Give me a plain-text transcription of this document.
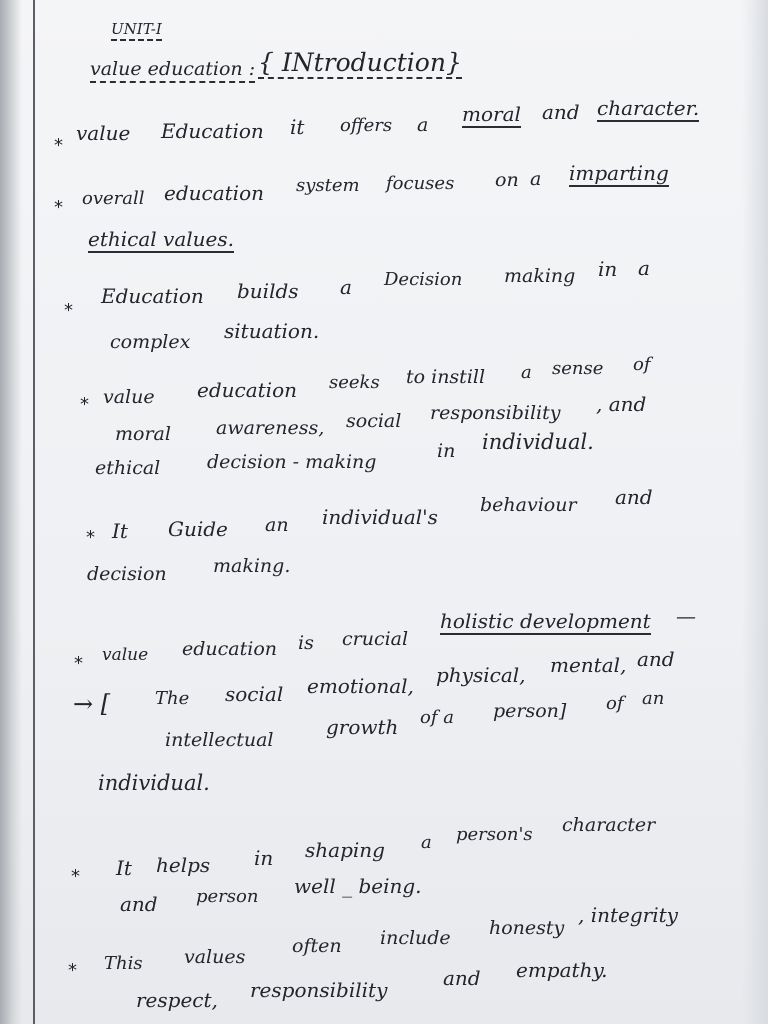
UNIT-I
value education : { INtroduction}
*
value Education it offers a moral and character.
* overall education system focuses on a imparting
ethical values.
*
Education builds a Decision making in a
complex situation.
* value education seeks to instill a sense of
moral awareness, social responsibility , and
ethical decision - making	in individual.
* It Guide an individual's behaviour and
decision making.
* value education is crucial
holistic development —
→ [ The social emotional, physical, mental, and
intellectual
growth of a person] of an
individual.
* It helps in shaping a person's character
and person well _ being.
* This values often include honesty
, integrity
respect, responsibility	and empathy.
